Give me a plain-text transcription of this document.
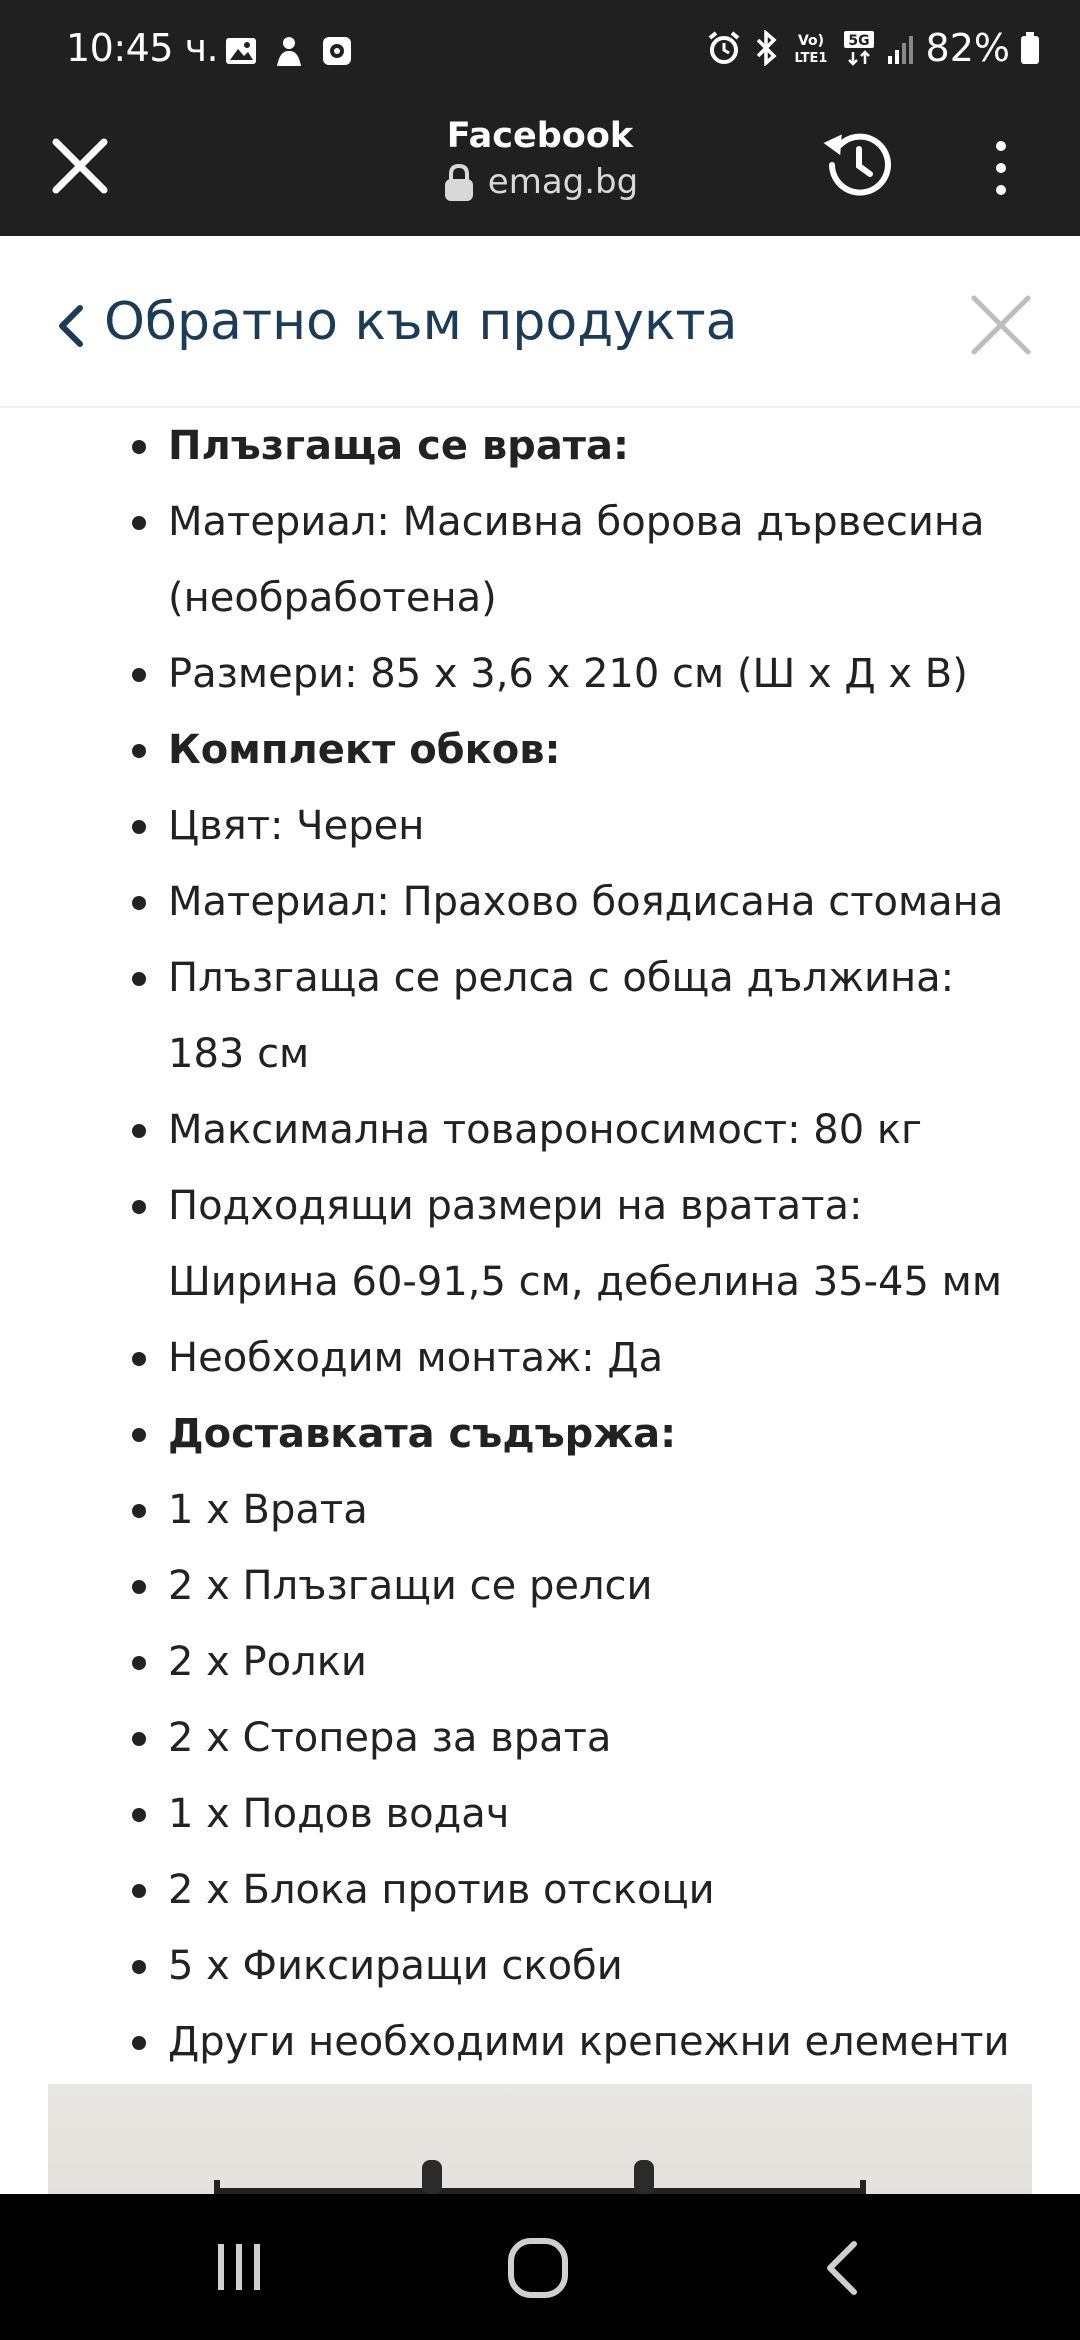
10:45 ч.	Vo)
LTE1
5G 82%
Facebook
emag.bg
Обратно към продукта
Плъзгаща се врата:
Материал: Масивна борова дървесина (необработена)
Размери: 85 x 3,6 x 210 см (Ш x Д x В)
Комплект обков:
Цвят: Черен
Материал: Прахово боядисана стомана
Плъзгаща се релса с обща дължина: 183 см
Максимална товароносимост: 80 кг
Подходящи размери на вратата: Ширина 60-91,5 см, дебелина 35-45 мм
Необходим монтаж: Да
Доставката съдържа:
1 x Врата
2 x Плъзгащи се релси
2 x Ролки
2 x Стопера за врата
1 x Подов водач
2 x Блока против отскоци
5 x Фиксиращи скоби
Други необходими крепежни елементи
